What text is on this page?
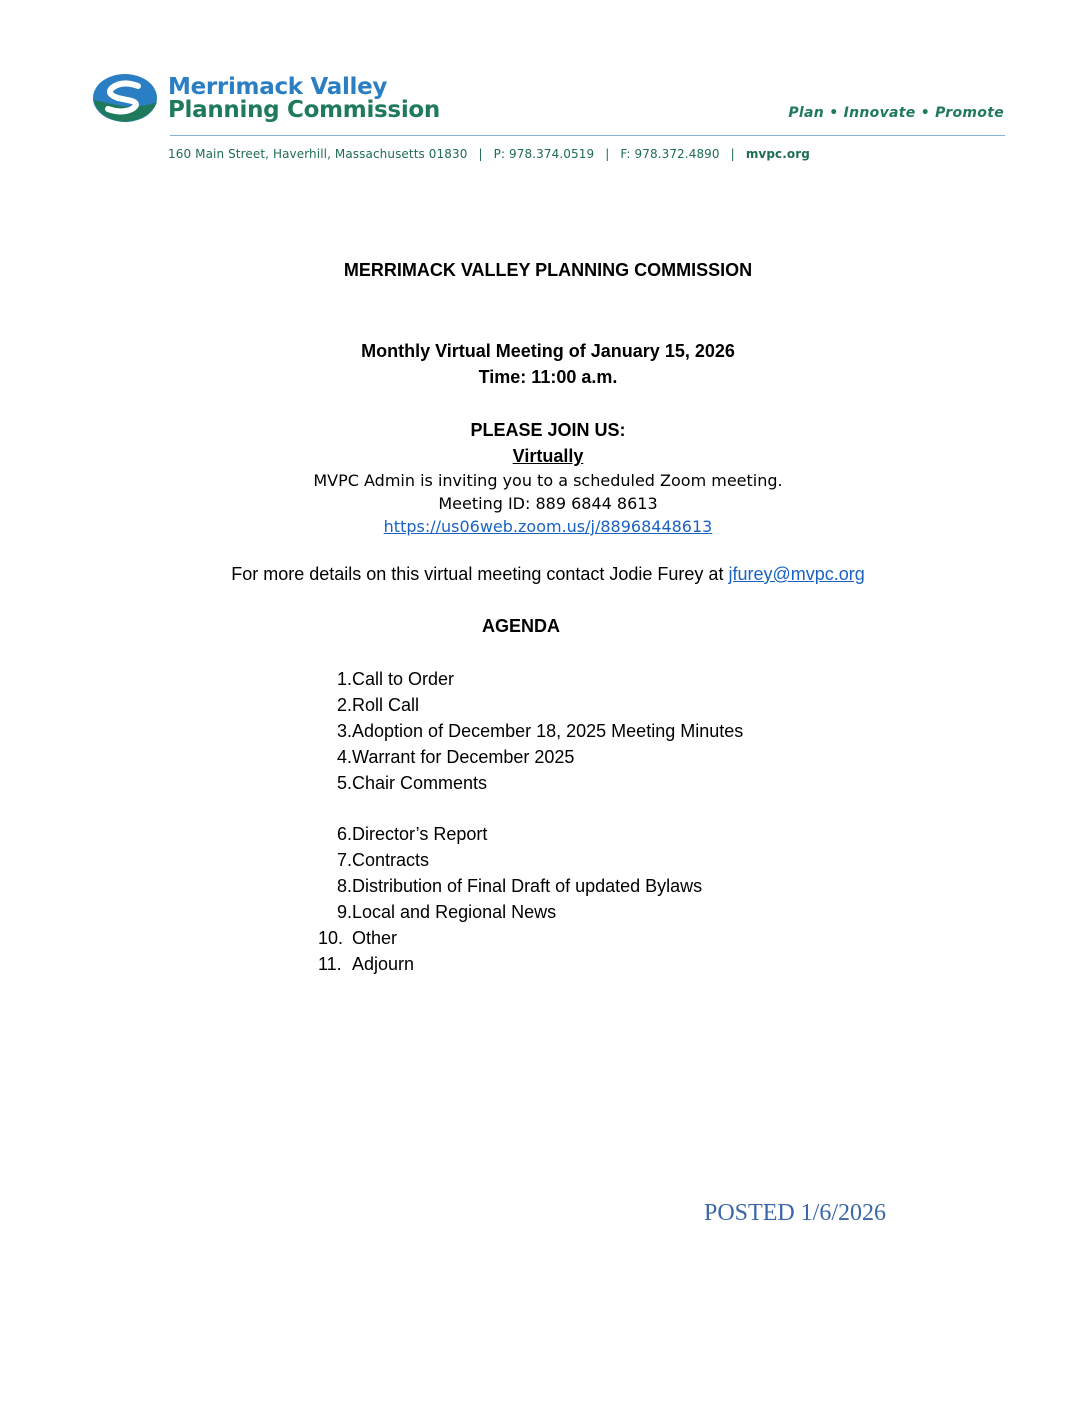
Merrimack Valley
Planning Commission	Plan • Innovate • Promote
160 Main Street, Haverhill, Massachusetts 01830 | P: 978.374.0519 | F: 978.372.4890 | mvpc.org
MERRIMACK VALLEY PLANNING COMMISSION
Monthly Virtual Meeting of January 15, 2026
Time: 11:00 a.m.
PLEASE JOIN US:
Virtually
MVPC Admin is inviting you to a scheduled Zoom meeting.
Meeting ID: 889 6844 8613
https://us06web.zoom.us/j/88968448613
For more details on this virtual meeting contact Jodie Furey at jfurey@mvpc.org
AGENDA
1.Call to Order
2.Roll Call
3.Adoption of December 18, 2025 Meeting Minutes
4.Warrant for December 2025
5.Chair Comments
6.Director’s Report
7.Contracts
8.Distribution of Final Draft of updated Bylaws
9.Local and Regional News
10. Other
11. Adjourn
POSTED 1/6/2026
